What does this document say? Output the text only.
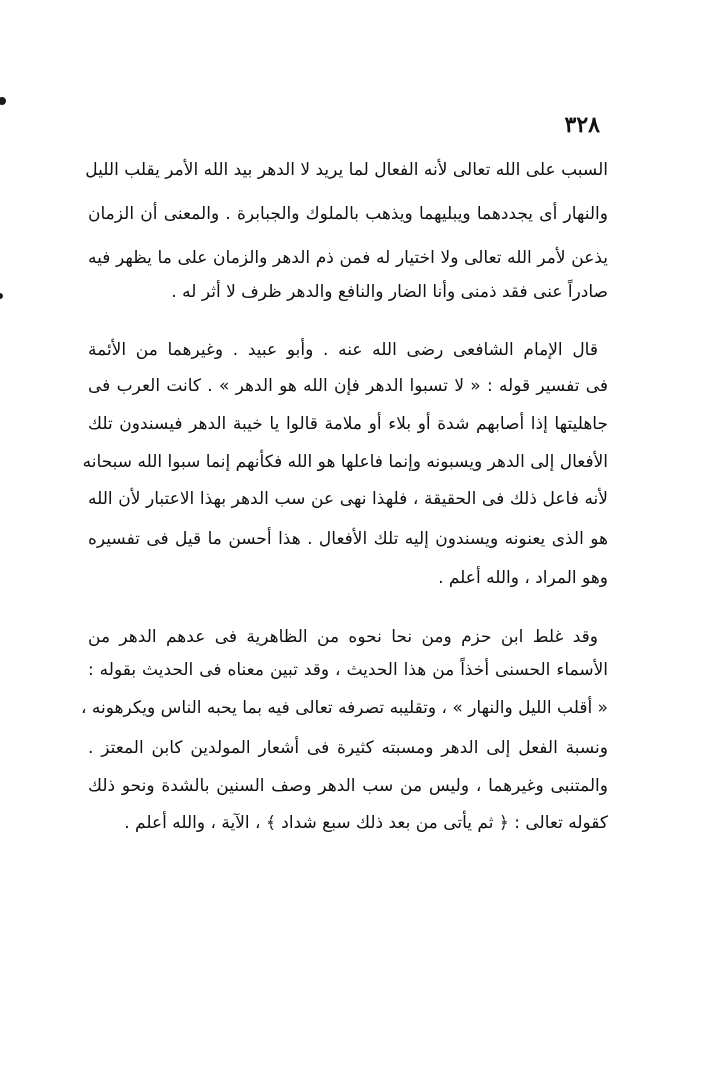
٣٢٨
السبب على الله تعالى لأنه الفعال لما يريد لا الدهر بيد الله الأمر يقلب الليل
والنهار أى يجددهما ويبليهما ويذهب بالملوك والجبابرة . والمعنى أن الزمان
يذعن لأمر الله تعالى ولا اختيار له فمن ذم الدهر والزمان على ما يظهر فيه
صادراً عنى فقد ذمنى وأنا الضار والنافع والدهر ظرف لا أثر له .
قال الإمام الشافعى رضى الله عنه . وأبو عبيد . وغيرهما من الأئمة
فى تفسير قوله : « لا تسبوا الدهر فإن الله هو الدهر » . كانت العرب فى
جاهليتها إذا أصابهم شدة أو بلاء أو ملامة قالوا يا خيبة الدهر فيسندون تلك
الأفعال إلى الدهر ويسبونه وإنما فاعلها هو الله فكأنهم إنما سبوا الله سبحانه
لأنه فاعل ذلك فى الحقيقة ، فلهذا نهى عن سب الدهر بهذا الاعتبار لأن الله
هو الذى يعنونه ويسندون إليه تلك الأفعال . هذا أحسن ما قيل فى تفسيره
وهو المراد ، والله أعلم .
وقد غلط ابن حزم ومن نحا نحوه من الظاهرية فى عدهم الدهر من
الأسماء الحسنى أخذاً من هذا الحديث ، وقد تبين معناه فى الحديث بقوله :
« أقلب الليل والنهار » ، وتقليبه تصرفه تعالى فيه بما يحبه الناس ويكرهونه ،
ونسبة الفعل إلى الدهر ومسبته كثيرة فى أشعار المولدين كابن المعتز .
والمتنبى وغيرهما ، وليس من سب الدهر وصف السنين بالشدة ونحو ذلك
كقوله تعالى : ﴿ ثم يأتى من بعد ذلك سبع شداد ﴾ ، الآية ، والله أعلم .
